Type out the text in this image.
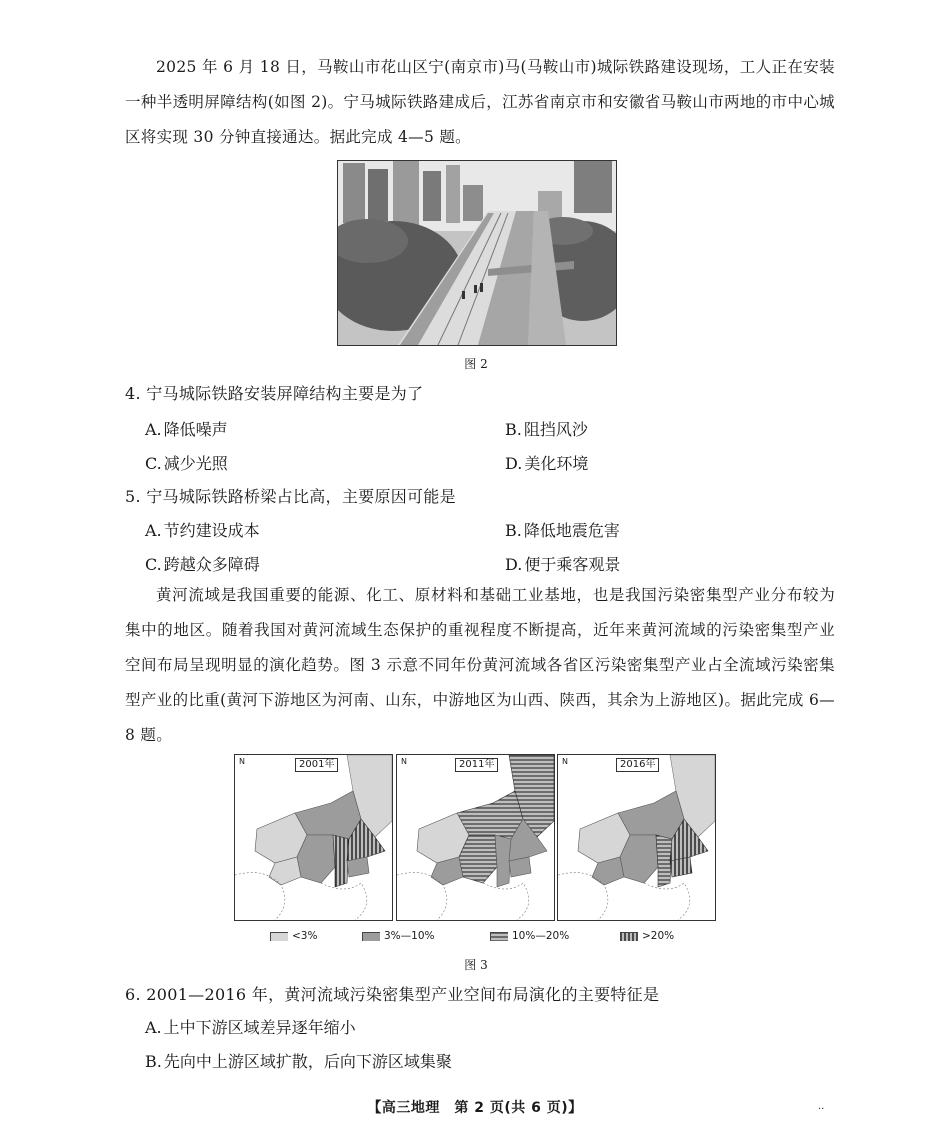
2025 年 6 月 18 日，马鞍山市花山区宁(南京市)马(马鞍山市)城际铁路建设现场，工人正在安装一种半透明屏障结构(如图 2)。宁马城际铁路建成后，江苏省南京市和安徽省马鞍山市两地的市中心城区将实现 30 分钟直接通达。据此完成 4—5 题。
图 2
4. 宁马城际铁路安装屏障结构主要是为了
A. 降低噪声	B. 阻挡风沙
C. 减少光照	D. 美化环境
5. 宁马城际铁路桥梁占比高，主要原因可能是
A. 节约建设成本	B. 降低地震危害
C. 跨越众多障碍	D. 便于乘客观景
黄河流域是我国重要的能源、化工、原材料和基础工业基地，也是我国污染密集型产业分布较为集中的地区。随着我国对黄河流域生态保护的重视程度不断提高，近年来黄河流域的污染密集型产业空间布局呈现明显的演化趋势。图 3 示意不同年份黄河流域各省区污染密集型产业占全流域污染密集型产业的比重(黄河下游地区为河南、山东，中游地区为山西、陕西，其余为上游地区)。据此完成 6—8 题。
N	2001年	N	2011年	N	2016年
<3%	3%—10%	10%—20%	>20%
图 3
6. 2001—2016 年，黄河流域污染密集型产业空间布局演化的主要特征是
A. 上中下游区域差异逐年缩小
B. 先向中上游区域扩散，后向下游区域集聚
【高三地理　第 2 页(共 6 页)】	..
